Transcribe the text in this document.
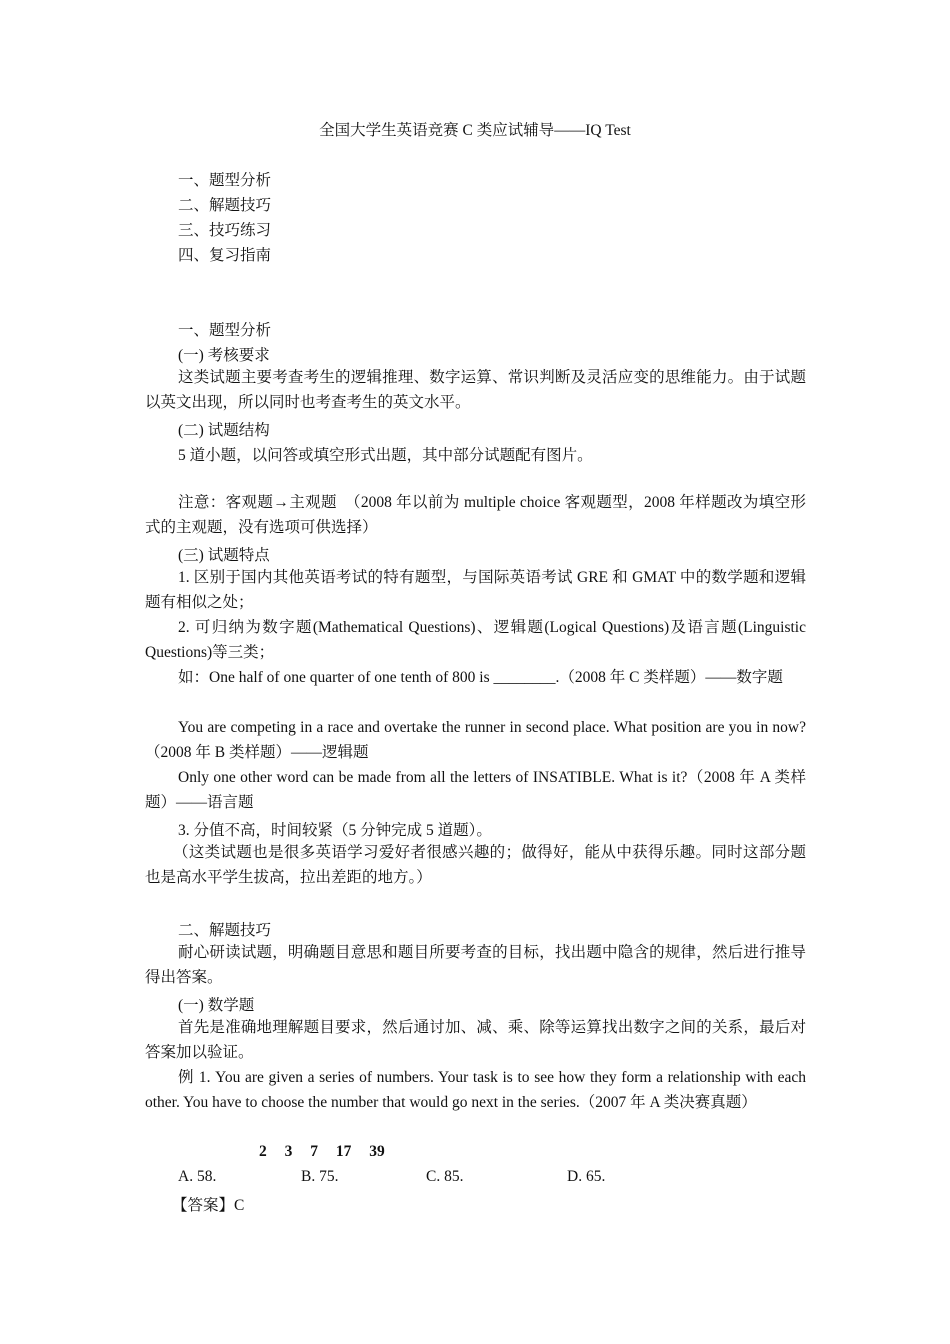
全国大学生英语竞赛 C 类应试辅导——IQ Test
一、题型分析
二、解题技巧
三、技巧练习
四、复习指南
一、题型分析
(一) 考核要求
这类试题主要考查考生的逻辑推理、数字运算、常识判断及灵活应变的思维能力。由于试题以英文出现，所以同时也考查考生的英文水平。
(二) 试题结构
5 道小题，以问答或填空形式出题，其中部分试题配有图片。
注意：客观题→主观题　（2008 年以前为 multiple choice 客观题型，2008 年样题改为填空形式的主观题，没有选项可供选择）
(三) 试题特点
1. 区别于国内其他英语考试的特有题型，与国际英语考试 GRE 和 GMAT 中的数学题和逻辑题有相似之处；
2. 可归纳为数字题(Mathematical Questions)、逻辑题(Logical Questions)及语言题(Linguistic Questions)等三类；
如：One half of one quarter of one tenth of 800 is ________.（2008 年 C 类样题）——数字题
You are competing in a race and overtake the runner in second place. What position are you in now? （2008 年 B 类样题）——逻辑题
Only one other word can be made from all the letters of INSATIBLE. What is it?（2008 年 A 类样题）——语言题
3. 分值不高，时间较紧（5 分钟完成 5 道题）。
（这类试题也是很多英语学习爱好者很感兴趣的；做得好，能从中获得乐趣。同时这部分题也是高水平学生拔高，拉出差距的地方。）
二、解题技巧
耐心研读试题，明确题目意思和题目所要考查的目标，找出题中隐含的规律，然后进行推导得出答案。
(一) 数学题
首先是准确地理解题目要求，然后通讨加、减、乘、除等运算找出数字之间的关系，最后对答案加以验证。
例 1. You are given a series of numbers. Your task is to see how they form a relationship with each other. You have to choose the number that would go next in the series.（2007 年 A 类决赛真题）
2 3 7 17 39
A. 58.	B. 75.	C. 85.	D. 65.
【答案】C
